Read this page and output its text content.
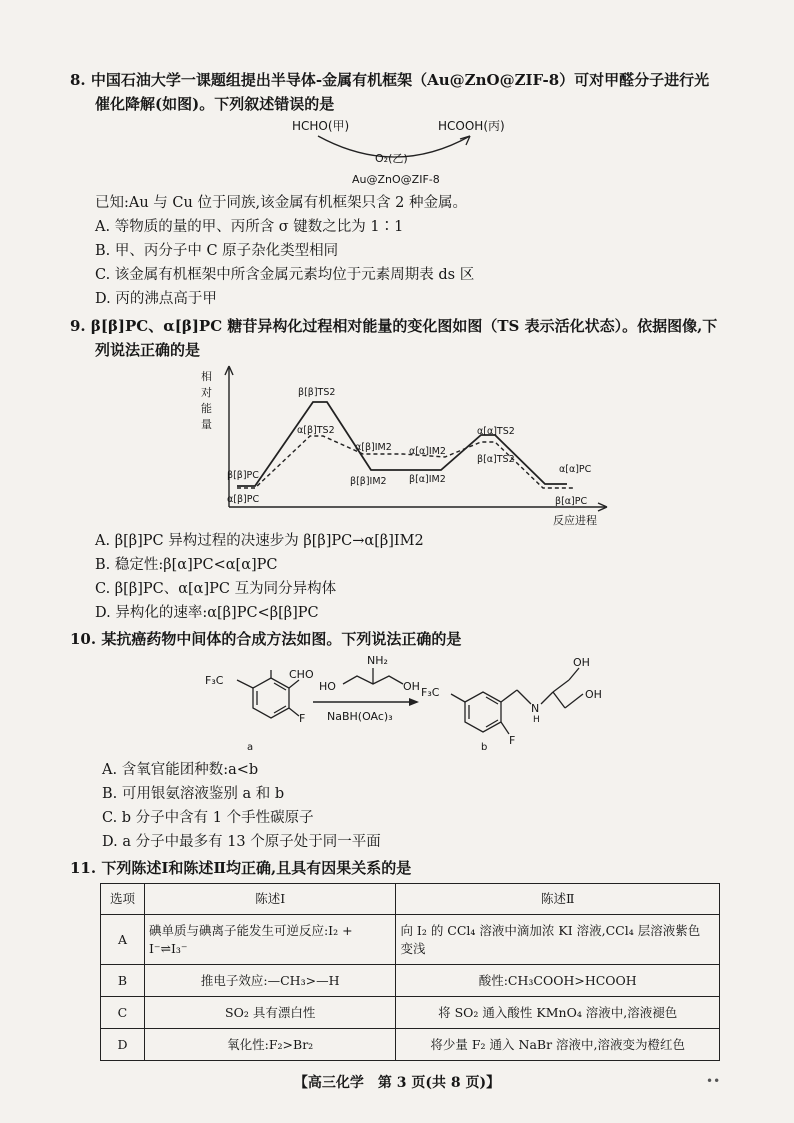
8. 中国石油大学一课题组提出半导体-金属有机框架（Au@ZnO@ZIF-8）可对甲醛分子进行光
催化降解(如图)。下列叙述错误的是
HCHO(甲)	HCOOH(丙)
O₂(乙)
Au@ZnO@ZIF-8
已知:Au 与 Cu 位于同族,该金属有机框架只含 2 种金属。
A. 等物质的量的甲、丙所含 σ 键数之比为 1∶1
B. 甲、丙分子中 C 原子杂化类型相同
C. 该金属有机框架中所含金属元素均位于元素周期表 ds 区
D. 丙的沸点高于甲
9. β[β]PC、α[β]PC 糖苷异构化过程相对能量的变化图如图（TS 表示活化状态）。依据图像,下
列说法正确的是
相
对
能
量
反应进程
β[β]PC
α[β]PC
β[β]TS2
α[β]TS2
α[β]IM2 α[α]IM2
β[β]IM2 β[α]IM2
α[α]TS2
β[α]TS2
α[α]PC
β[α]PC
A. β[β]PC 异构过程的决速步为 β[β]PC→α[β]IM2
B. 稳定性:β[α]PC<α[α]PC
C. β[β]PC、α[α]PC 互为同分异构体
D. 异构化的速率:α[β]PC<β[β]PC
10. 某抗癌药物中间体的合成方法如图。下列说法正确的是
F₃C	CHO
F
a
NH₂
HO	OH
NaBH(OAc)₃
F₃C
N
H
OH
OH
F
b
A. 含氧官能团种数:a<b
B. 可用银氨溶液鉴别 a 和 b
C. b 分子中含有 1 个手性碳原子
D. a 分子中最多有 13 个原子处于同一平面
11. 下列陈述Ⅰ和陈述Ⅱ均正确,且具有因果关系的是
选项	陈述Ⅰ	陈述Ⅱ
A	碘单质与碘离子能发生可逆反应:I₂ +
I⁻⇌I₃⁻	向 I₂ 的 CCl₄ 溶液中滴加浓 KI 溶液,CCl₄ 层溶液紫色
变浅
B	推电子效应:—CH₃>—H	酸性:CH₃COOH>HCOOH
C	SO₂ 具有漂白性	将 SO₂ 通入酸性 KMnO₄ 溶液中,溶液褪色
D	氧化性:F₂>Br₂	将少量 F₂ 通入 NaBr 溶液中,溶液变为橙红色
【高三化学　第 3 页(共 8 页)】	••
